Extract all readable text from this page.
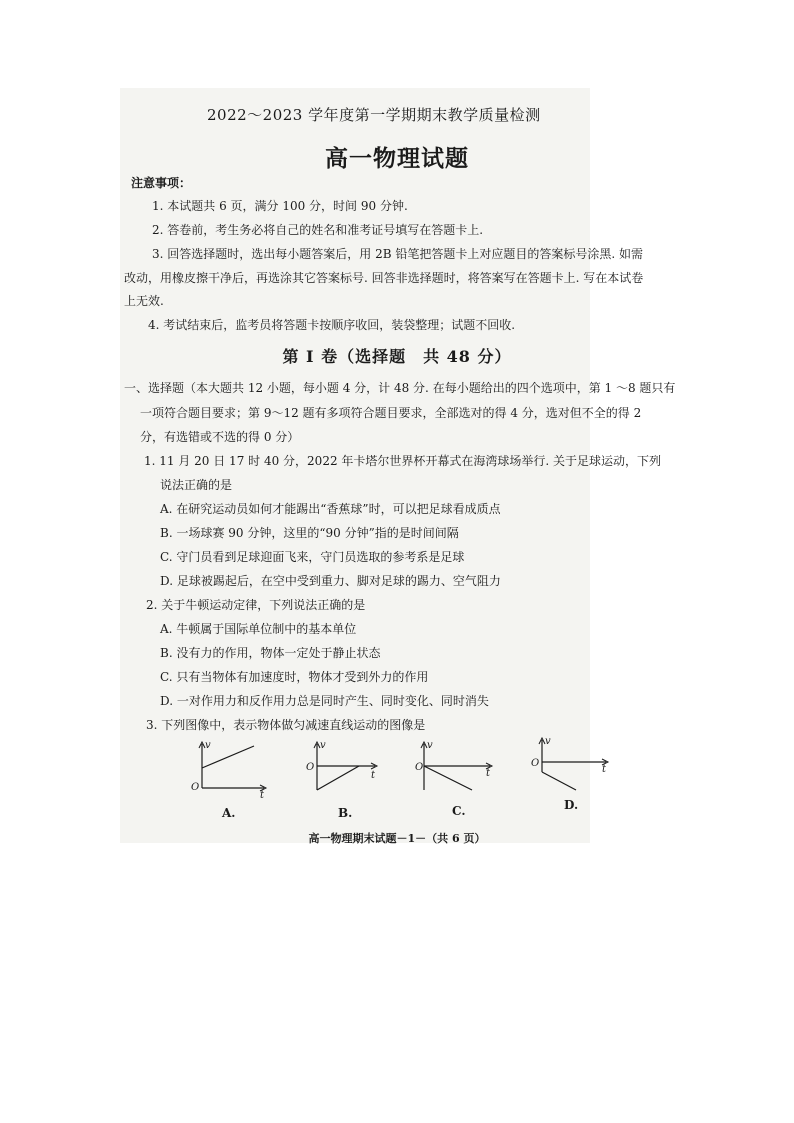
2022～2023 学年度第一学期期末教学质量检测
高一物理试题
注意事项：
1. 本试题共 6 页，满分 100 分，时间 90 分钟.
2. 答卷前，考生务必将自己的姓名和准考证号填写在答题卡上.
3. 回答选择题时，选出每小题答案后，用 2B 铅笔把答题卡上对应题目的答案标号涂黑. 如需
改动，用橡皮擦干净后，再选涂其它答案标号. 回答非选择题时，将答案写在答题卡上. 写在本试卷
上无效.
4. 考试结束后，监考员将答题卡按顺序收回，装袋整理；试题不回收.
第 I 卷（选择题　共 48 分）
一、选择题（本大题共 12 小题，每小题 4 分，计 48 分. 在每小题给出的四个选项中，第 1 ～8 题只有
一项符合题目要求；第 9～12 题有多项符合题目要求，全部选对的得 4 分，选对但不全的得 2
分，有选错或不选的得 0 分）
1. 11 月 20 日 17 时 40 分，2022 年卡塔尔世界杯开幕式在海湾球场举行. 关于足球运动，下列
说法正确的是
A. 在研究运动员如何才能踢出“香蕉球”时，可以把足球看成质点
B. 一场球赛 90 分钟，这里的“90 分钟”指的是时间间隔
C. 守门员看到足球迎面飞来，守门员选取的参考系是足球
D. 足球被踢起后，在空中受到重力、脚对足球的踢力、空气阻力
2. 关于牛顿运动定律，下列说法正确的是
A. 牛顿属于国际单位制中的基本单位
B. 没有力的作用，物体一定处于静止状态
C. 只有当物体有加速度时，物体才受到外力的作用
D. 一对作用力和反作用力总是同时产生、同时变化、同时消失
3. 下列图像中，表示物体做匀减速直线运动的图像是
v
t
O
A.
v
t
O
B.
v
t
O
C.
v
t
O
D.
高一物理期末试题－1－（共 6 页）
